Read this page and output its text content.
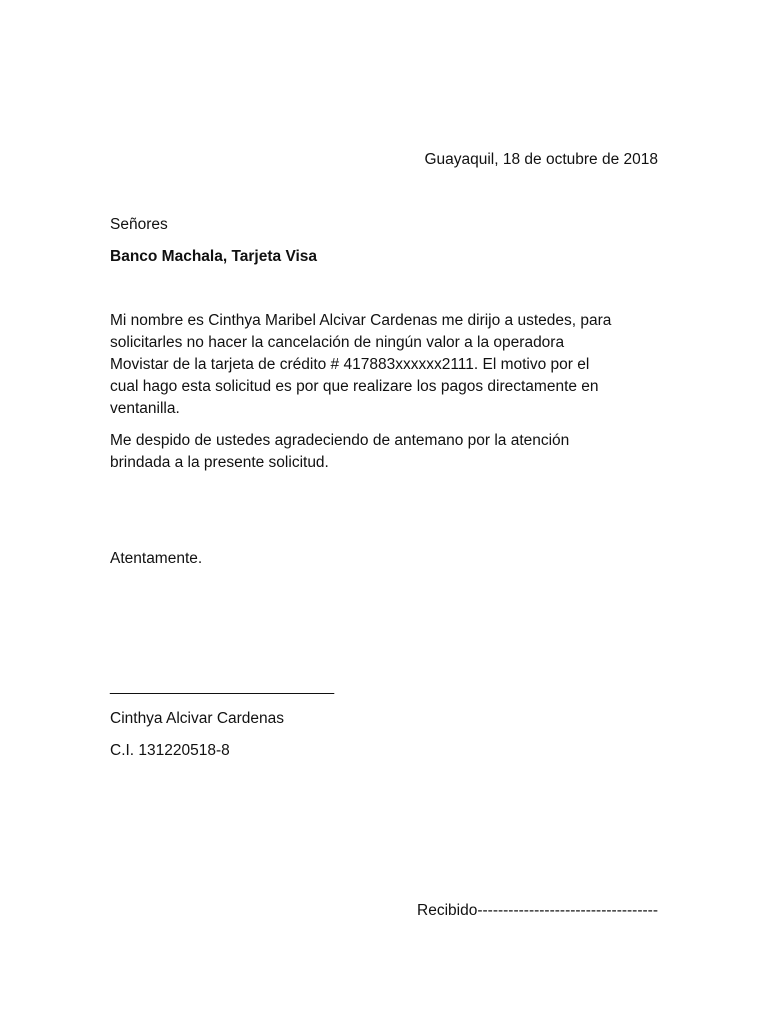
Guayaquil, 18 de octubre de 2018
Señores
Banco Machala, Tarjeta Visa
Mi nombre es Cinthya Maribel Alcivar Cardenas me dirijo a ustedes, para
solicitarles no hacer la cancelación de ningún valor a la operadora
Movistar de la tarjeta de crédito # 417883xxxxxx2111. El motivo por el
cual hago esta solicitud es por que realizare los pagos directamente en
ventanilla.
Me despido de ustedes agradeciendo de antemano por la atención
brindada a la presente solicitud.
Atentamente.
__________________________
Cinthya Alcivar Cardenas
C.I. 131220518-8
Recibido-----------------------------------
